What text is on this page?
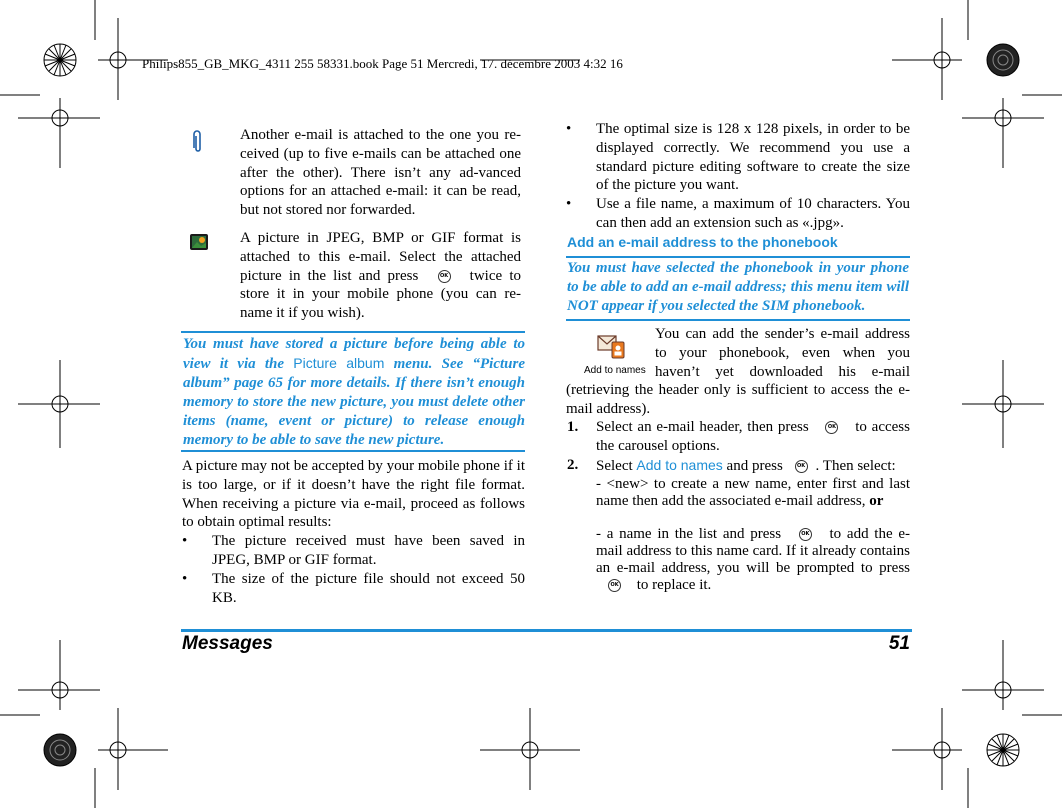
Philips855_GB_MKG_4311 255 58331.book Page 51 Mercredi, 17. décembre 2003 4:32 16
Another e-mail is attached to the one you re-ceived (up to five e-mails can be attached one after the other). There isn’t any ad-vanced options for an attached e-mail: it can be read, but not stored nor forwarded.
A picture in JPEG, BMP or GIF format is attached to this e-mail. Select the attached picture in the list and press	OK twice to store it in your mobile phone (you can re-name it if you wish).
You must have stored a picture before being able to view it via the Picture album menu. See “Picture album” page 65 for more details. If there isn’t enough memory to store the new picture, you must delete other items (name, event or picture) to release enough memory to be able to save the new picture.
A picture may not be accepted by your mobile phone if it is too large, or if it doesn’t have the right file format. When receiving a picture via e-mail, proceed as follows to obtain optimal results:
• The picture received must have been saved in JPEG, BMP or GIF format.
• The size of the picture file should not exceed 50 KB.
• The optimal size is 128 x 128 pixels, in order to be displayed correctly. We recommend you use a standard picture editing software to create the size of the picture you want.
• Use a file name, a maximum of 10 characters. You can then add an extension such as «.jpg».
Add an e-mail address to the phonebook
You must have selected the phonebook in your phone to be able to add an e-mail address; this menu item will NOT appear if you selected the SIM phonebook.
Add to names
You can add the sender’s e-mail address to your phonebook, even when you haven’t yet downloaded his e-mail (retrieving the header only is sufficient to access the e-mail address).
1. Select an e-mail header, then press	OK to access the carousel options.
2. Select Add to names and press	OK . Then select:
- <new> to create a new name, enter first and last name then add the associated e-mail address, or
- a name in the list and press	OK to add the e-mail address to this name card. If it already contains an e-mail address, you will be prompted to press OK to replace it.
Messages	51
